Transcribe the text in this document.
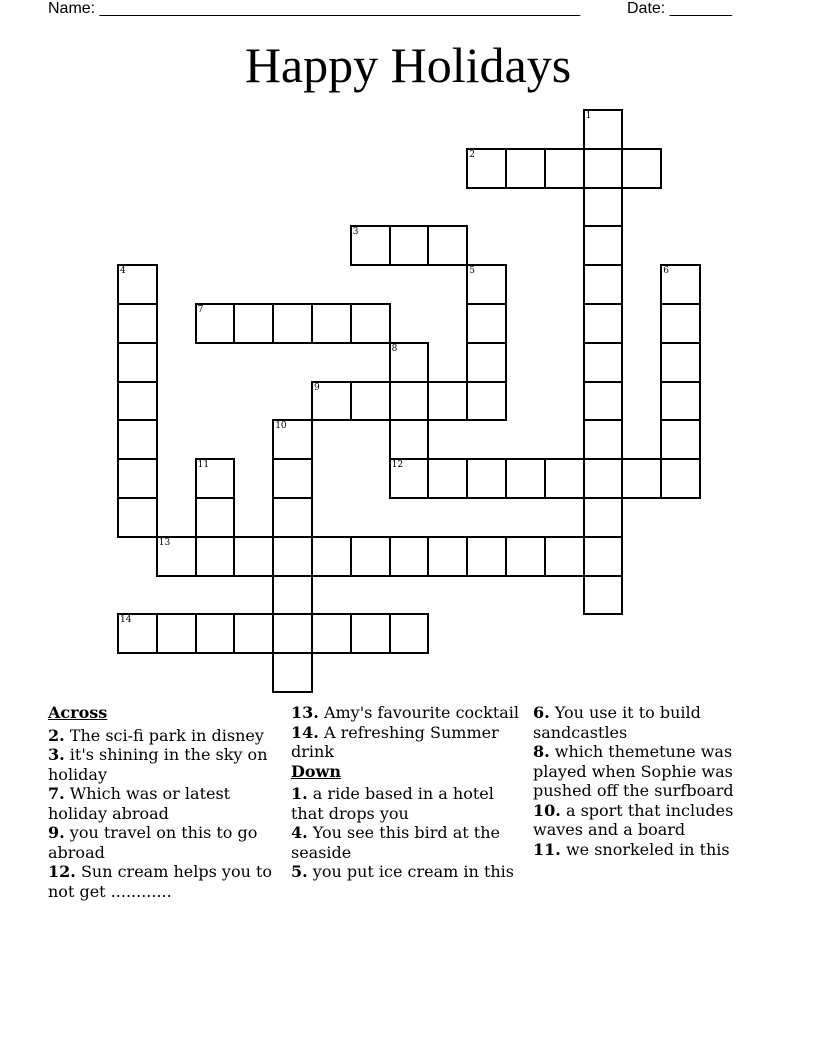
Name: ______________________________________________________	Date: _______
Happy Holidays
1
2
3
4	5	6
7
8
12
9
10
11
13
14
Across
2. The sci-fi park in disney
3. it's shining in the sky on holiday
7. Which was or latest holiday abroad
9. you travel on this to go abroad
12. Sun cream helps you to not get ............
13. Amy's favourite cocktail
14. A refreshing Summer drink
Down
1. a ride based in a hotel that drops you
4. You see this bird at the seaside
5. you put ice cream in this
6. You use it to build sandcastles
8. which themetune was played when Sophie was pushed off the surfboard
10. a sport that includes waves and a board
11. we snorkeled in this
